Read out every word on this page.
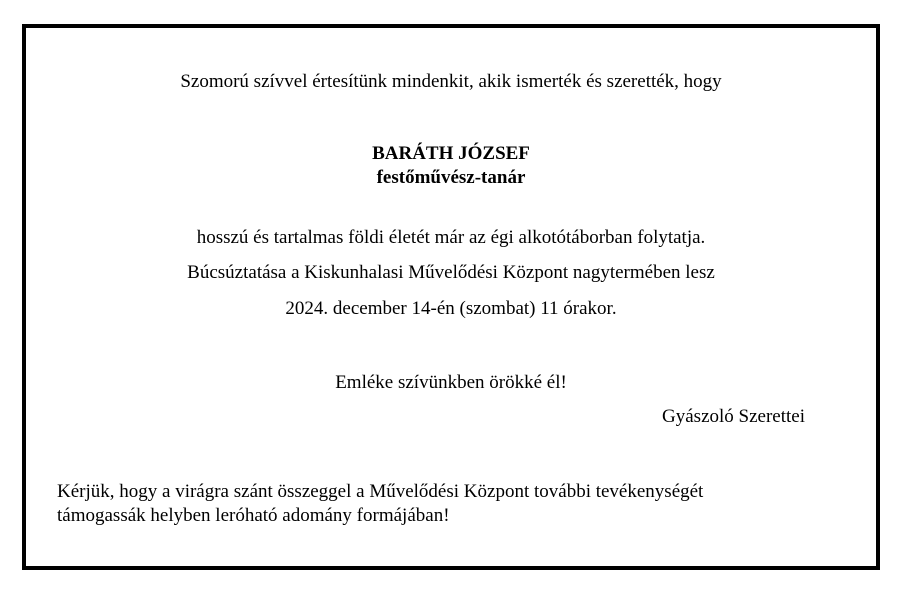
Szomorú szívvel értesítünk mindenkit, akik ismerték és szerették, hogy
BARÁTH JÓZSEF
festőművész-tanár
hosszú és tartalmas földi életét már az égi alkotótáborban folytatja.
Búcsúztatása a Kiskunhalasi Művelődési Központ nagytermében lesz
2024. december 14-én (szombat) 11 órakor.
Emléke szívünkben örökké él!
Gyászoló Szerettei
Kérjük, hogy a virágra szánt összeggel a Művelődési Központ további tevékenységét
támogassák helyben leróható adomány formájában!
